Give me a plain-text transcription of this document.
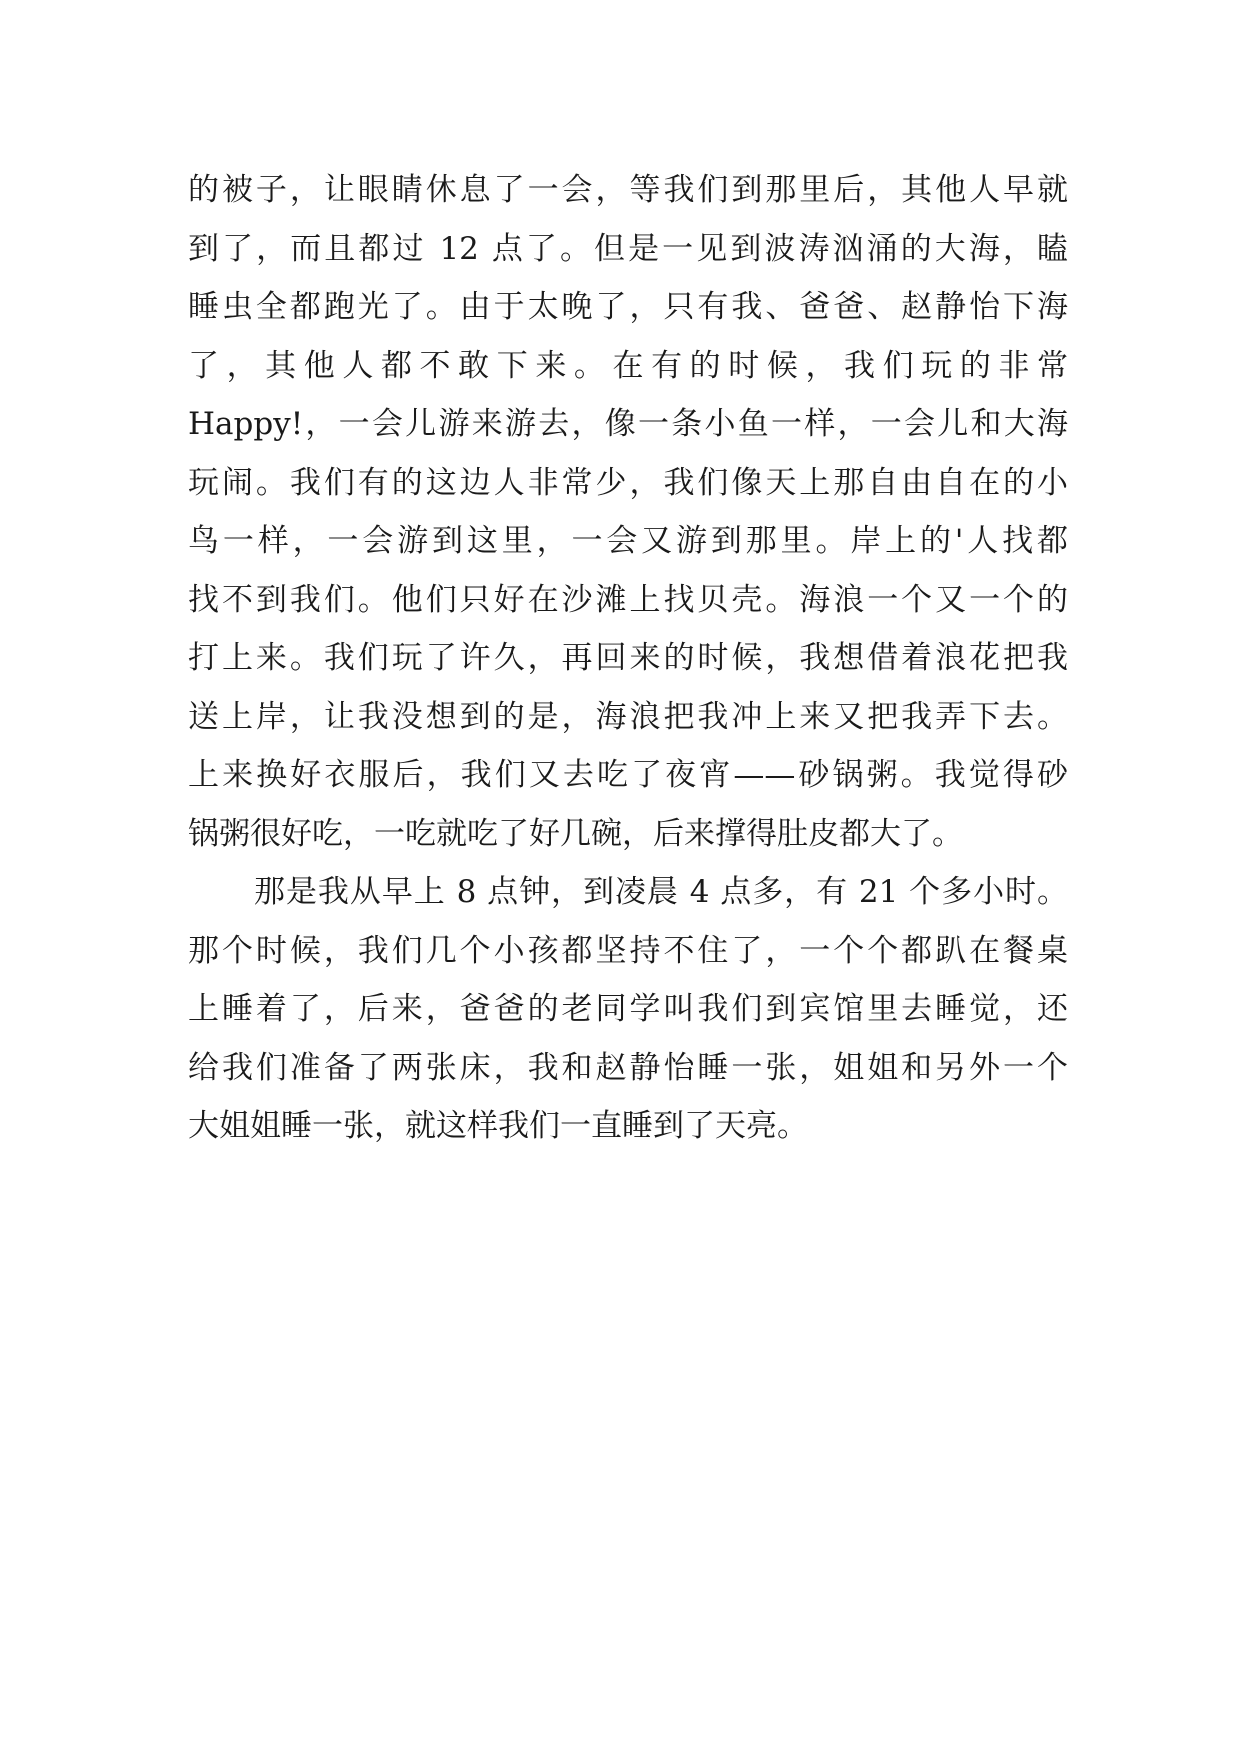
的被子，让眼睛休息了一会，等我们到那里后，其他人早就
到了，而且都过 12 点了。但是一见到波涛汹涌的大海，瞌
睡虫全都跑光了。由于太晚了，只有我、爸爸、赵静怡下海
了，其他人都不敢下来。在有的时候，我们玩的非常
Happy!，一会儿游来游去，像一条小鱼一样，一会儿和大海
玩闹。我们有的这边人非常少，我们像天上那自由自在的小
鸟一样，一会游到这里，一会又游到那里。岸上的'人找都
找不到我们。他们只好在沙滩上找贝壳。海浪一个又一个的
打上来。我们玩了许久，再回来的时候，我想借着浪花把我
送上岸，让我没想到的是，海浪把我冲上来又把我弄下去。
上来换好衣服后，我们又去吃了夜宵——砂锅粥。我觉得砂
锅粥很好吃，一吃就吃了好几碗，后来撑得肚皮都大了。
那是我从早上 8 点钟，到凌晨 4 点多，有 21 个多小时。
那个时候，我们几个小孩都坚持不住了，一个个都趴在餐桌
上睡着了，后来，爸爸的老同学叫我们到宾馆里去睡觉，还
给我们准备了两张床，我和赵静怡睡一张，姐姐和另外一个
大姐姐睡一张，就这样我们一直睡到了天亮。
